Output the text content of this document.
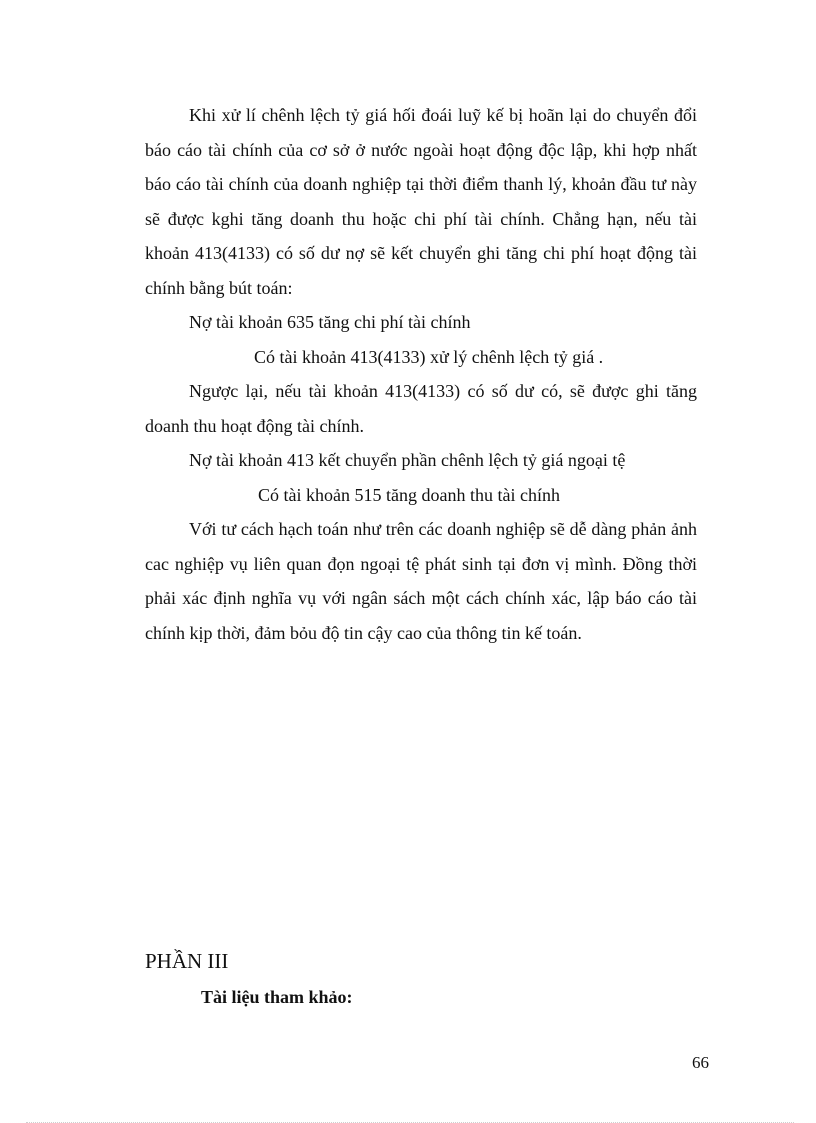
Khi xử lí chênh lệch tỷ giá hối đoái luỹ kế bị hoãn lại do chuyển đổi báo cáo tài chính của cơ sở ở nước ngoài hoạt động độc lập, khi hợp nhất báo cáo tài chính của doanh nghiệp tại thời điểm thanh lý, khoản đầu tư này sẽ được kghi tăng doanh thu hoặc chi phí tài chính. Chẳng hạn, nếu tài khoản 413(4133) có số dư nợ sẽ kết chuyển ghi tăng chi phí hoạt động tài chính bằng bút toán:

Nợ tài khoản 635 tăng chi phí tài chính

Có tài khoản 413(4133) xử lý chênh lệch tỷ giá .

Ngược lại, nếu tài khoản 413(4133) có số dư có, sẽ được ghi tăng doanh thu hoạt động tài chính.

Nợ tài khoản 413 kết chuyển phần chênh lệch tỷ giá ngoại tệ

Có tài khoản 515 tăng doanh thu tài chính

Với tư cách hạch toán như trên các doanh nghiệp sẽ dễ dàng phản ảnh cac nghiệp vụ liên quan đọn ngoại tệ phát sinh tại đơn vị mình. Đồng thời phải xác định nghĩa vụ với ngân sách một cách chính xác, lập báo cáo tài chính kịp thời, đảm bỏu độ tin cậy cao của thông tin kế toán.

PHẦN III
Tài liệu tham khảo:
66
